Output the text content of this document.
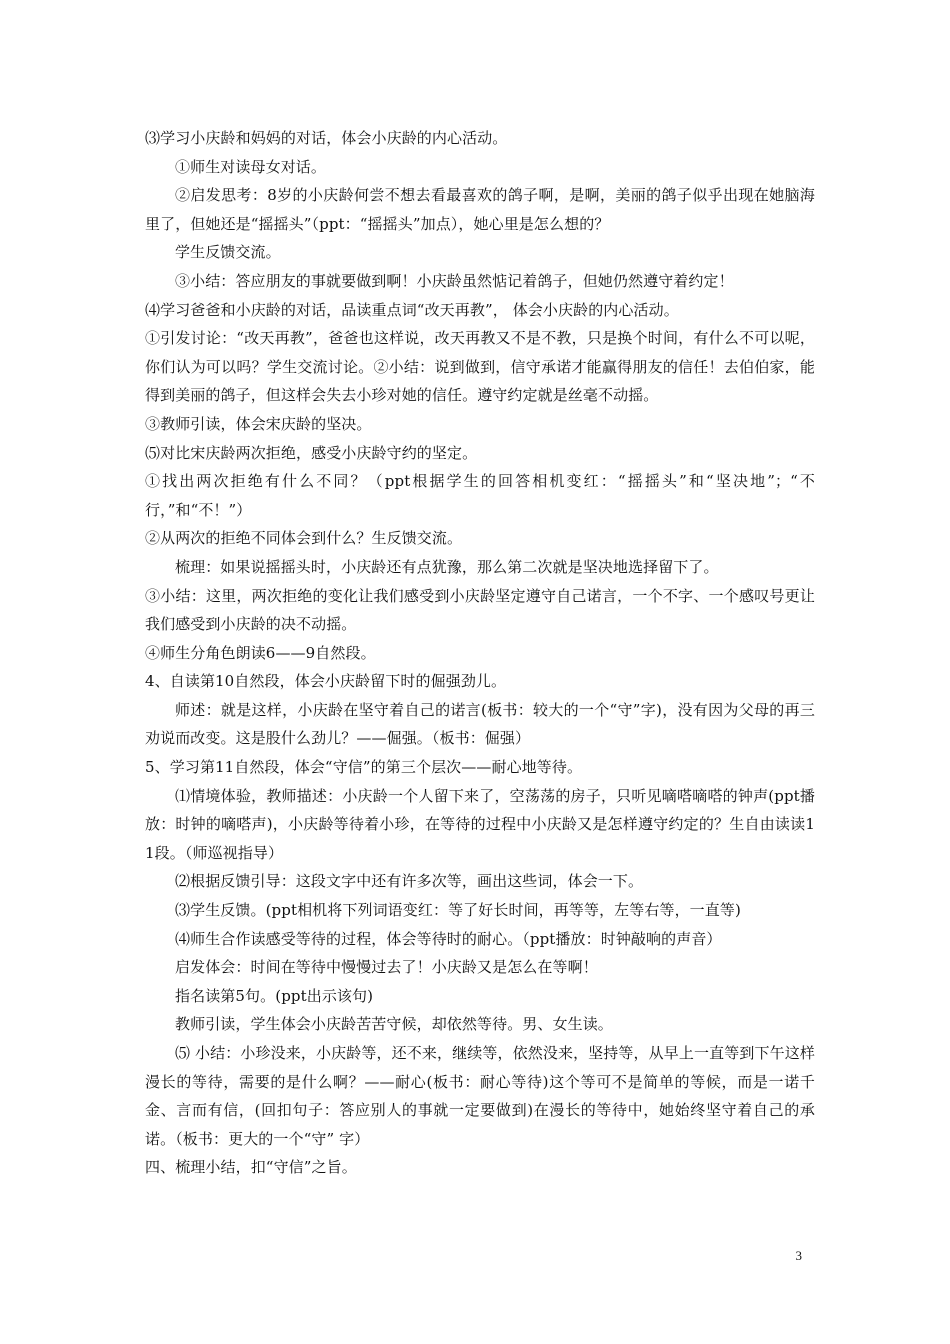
⑶学习小庆龄和妈妈的对话，体会小庆龄的内心活动。

①师生对读母女对话。

②启发思考：8岁的小庆龄何尝不想去看最喜欢的鸽子啊，是啊，美丽的鸽子似乎出现在她脑海里了，但她还是“摇摇头”（ppt：“摇摇头”加点），她心里是怎么想的？

学生反馈交流。

③小结：答应朋友的事就要做到啊！小庆龄虽然惦记着鸽子，但她仍然遵守着约定！

⑷学习爸爸和小庆龄的对话，品读重点词“改天再教”， 体会小庆龄的内心活动。

①引发讨论：“改天再教”，爸爸也这样说，改天再教又不是不教，只是换个时间，有什么不可以呢，你们认为可以吗？学生交流讨论。②小结：说到做到，信守承诺才能赢得朋友的信任！去伯伯家，能得到美丽的鸽子，但这样会失去小珍对她的信任。遵守约定就是丝毫不动摇。

③教师引读，体会宋庆龄的坚决。

⑸对比宋庆龄两次拒绝，感受小庆龄守约的坚定。

①找出两次拒绝有什么不同？（ppt根据学生的回答相机变红：“摇摇头”和“坚决地”；“不行，”和“不！”）

②从两次的拒绝不同体会到什么？生反馈交流。

梳理：如果说摇摇头时，小庆龄还有点犹豫，那么第二次就是坚决地选择留下了。

③小结：这里，两次拒绝的变化让我们感受到小庆龄坚定遵守自己诺言，一个不字、一个感叹号更让我们感受到小庆龄的决不动摇。

④师生分角色朗读6——9自然段。

4、自读第10自然段，体会小庆龄留下时的倔强劲儿。

师述：就是这样，小庆龄在坚守着自己的诺言(板书：较大的一个“守”字)，没有因为父母的再三劝说而改变。这是股什么劲儿？——倔强。（板书：倔强）

5、学习第11自然段，体会“守信”的第三个层次——耐心地等待。

⑴情境体验，教师描述：小庆龄一个人留下来了，空荡荡的房子，只听见嘀嗒嘀嗒的钟声(ppt播放：时钟的嘀嗒声)，小庆龄等待着小珍，在等待的过程中小庆龄又是怎样遵守约定的？生自由读读11段。（师巡视指导）

⑵根据反馈引导：这段文字中还有许多次等，画出这些词，体会一下。

⑶学生反馈。(ppt相机将下列词语变红：等了好长时间，再等等，左等右等，一直等)

⑷师生合作读感受等待的过程，体会等待时的耐心。（ppt播放：时钟敲响的声音）

启发体会：时间在等待中慢慢过去了！小庆龄又是怎么在等啊！

指名读第5句。(ppt出示该句)

教师引读，学生体会小庆龄苦苦守候，却依然等待。男、女生读。

⑸ 小结：小珍没来，小庆龄等，还不来，继续等，依然没来，坚持等，从早上一直等到下午这样漫长的等待，需要的是什么啊？——耐心(板书：耐心等待)这个等可不是简单的等候，而是一诺千金、言而有信，(回扣句子：答应别人的事就一定要做到)在漫长的等待中，她始终坚守着自己的承诺。（板书：更大的一个“守” 字）

四、梳理小结，扣“守信”之旨。

3
